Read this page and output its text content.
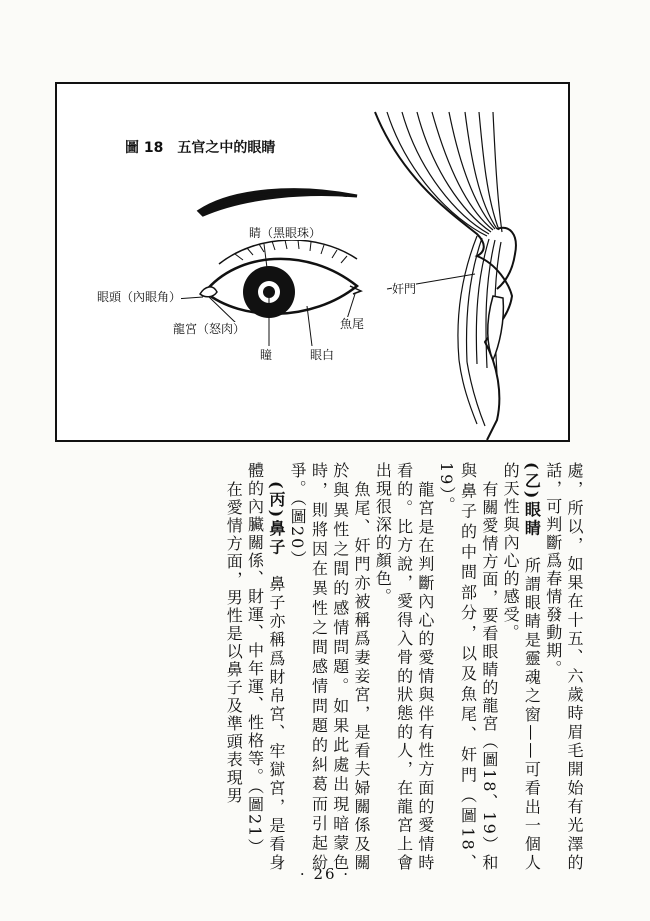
圖 18　五官之中的眼睛
睛（黑眼珠）
眼頭（內眼角）
龍宮（怒肉）
瞳	眼白
魚尾
奸門

處，所以，如果在十五、六歲時眉毛開始有光澤的話，可判斷爲春情發動期。

(乙)眼睛　所謂眼睛是靈魂之窗——可看出一個人的天性與內心的感受。

有關愛情方面，要看眼睛的龍宮（圖18、19）和與鼻子的中間部分，以及魚尾、奸門（圖18、19）。

龍宮是在判斷內心的愛情與伴有性方面的愛情時看的。比方說，愛得入骨的狀態的人，在龍宮上會出現很深的顏色。

魚尾、奸門亦被稱爲妻妾宮，是看夫婦關係及關於與異性之間的感情問題。如果此處出現暗蒙色時，則將因在異性之間感情問題的糾葛而引起紛爭。（圖20）

(丙)鼻子　鼻子亦稱爲財帛宮、牢獄宮，是看身體的內臟關係、財運、中年運、性格等。（圖21）

在愛情方面，男性是以鼻子及準頭表現男

· 26 ·
